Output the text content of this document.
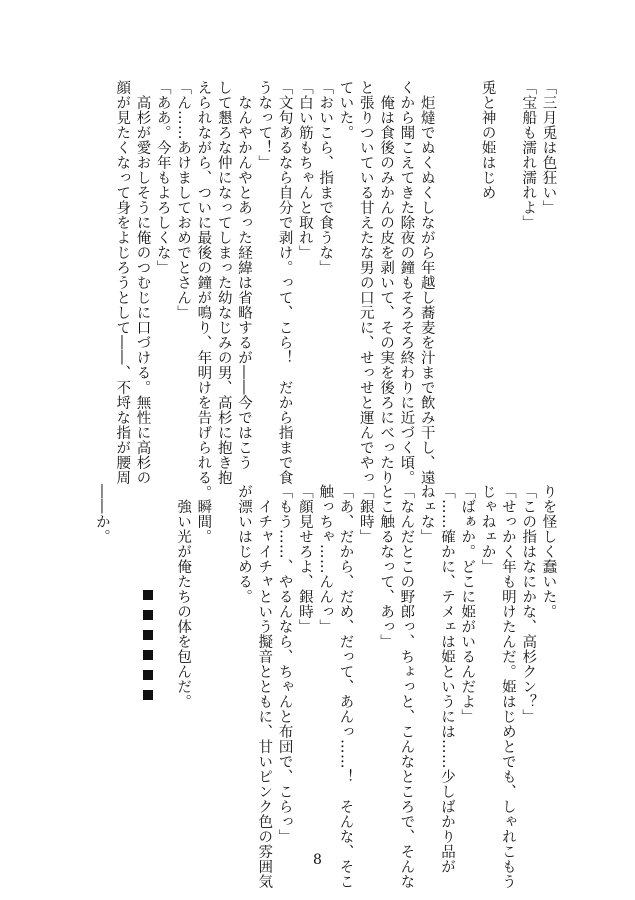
「三月兎は色狂い」
「宝船も濡れ濡れよ」
兎と神の姫はじめ
　炬燵でぬくぬくしながら年越し蕎麦を汁まで飲み干し、遠
くから聞こえてきた除夜の鐘もそろそろ終わりに近づく頃。
　俺は食後のみかんの皮を剥いて、その実を後ろにべったり
と張りついている甘えたな男の口元に、せっせと運んでやっ
ていた。
「おいこら、指まで食うな」
「白い筋もちゃんと取れ」
「文句あるなら自分で剥け。って、こら！　だから指まで食
うなって！」
　なんやかんやとあった経緯は省略するが――今ではこう
して懇ろな仲になってしまった幼なじみの男、高杉に抱き抱
えられながら、ついに最後の鐘が鳴り、年明けを告げられる。
「ん……あけましておめでとさん」
「ああ。今年もよろしくな」
　高杉が愛おしそうに俺のつむじに口づける。無性に高杉の
顔が見たくなって身をよじろうとして――、不埒な指が腰周
りを怪しく蠢いた。
「この指はなにかな、高杉クン？」
「せっかく年も明けたんだ。姫はじめとでも、しゃれこもう
じゃねェか」
「ばぁか。どこに姫がいるんだよ」
「……確かに、テメェは姫というには……少しばかり品が
ねェな」
「なんだとこの野郎っ、ちょっと、こんなところで、そんな
とこ触るなって、あっ」
「銀時」
「あ、だから、だめ、だって、あんっ……！　そんな、そこ
触っちゃ……んんっ」
「顔見せろよ、銀時」
「もう……、やるんなら、ちゃんと布団で、こらっ」
　イチャイチャという擬音とともに、甘いピンク色の雰囲気
が漂いはじめる。
　瞬間。
　強い光が俺たちの体を包んだ。
――か。
8
